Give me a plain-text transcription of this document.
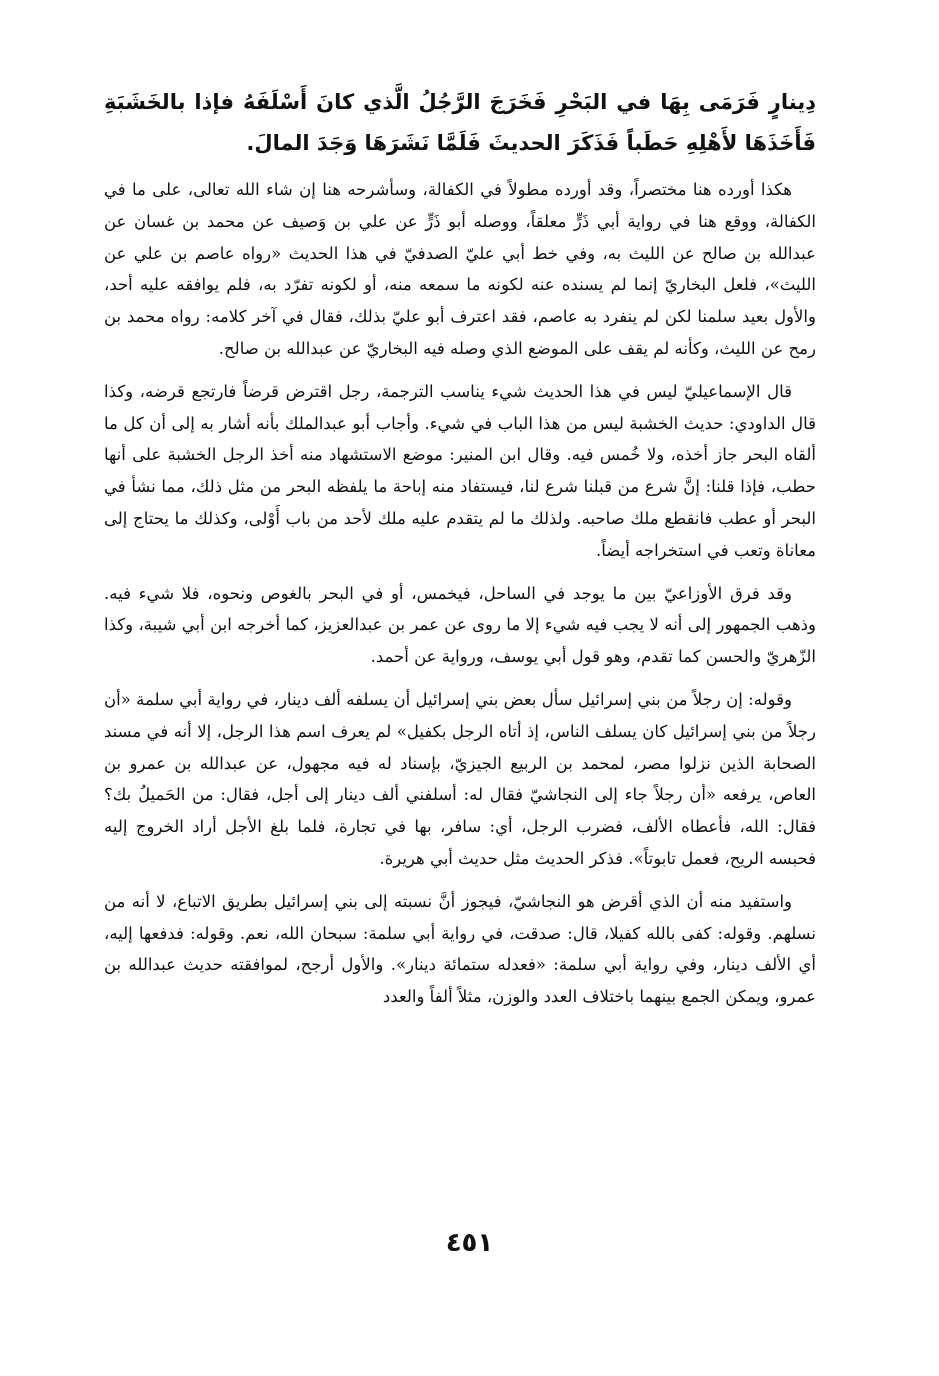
دِينارٍ فَرَمَى بِهَا في البَحْرِ فَخَرَجَ الرَّجُلُ الَّذي كانَ أَسْلَفَهُ فإذا بالخَشَبَةِ فَأَخَذَهَا لأَهْلِهِ حَطَباً فَذَكَرَ الحديثَ فَلَمَّا نَشَرَهَا وَجَدَ المالَ.

هكذا أورده هنا مختصراً، وقد أورده مطولاً في الكفالة، وسأشرحه هنا إن شاء الله تعالى، على ما في الكفالة، ووقع هنا في رواية أبي ذَرٍّ معلقاً، ووصله أبو ذَرٍّ عن علي بن وَصيف عن محمد بن غسان عن عبدالله بن صالح عن الليث به، وفي خط أبي عليّ الصدفيّ في هذا الحديث «رواه عاصم بن علي عن الليث»، فلعل البخاريّ إنما لم يسنده عنه لكونه ما سمعه منه، أو لكونه تفرّد به، فلم يوافقه عليه أحد، والأول بعيد سلمنا لكن لم ينفرد به عاصم، فقد اعترف أبو عليّ بذلك، فقال في آخر كلامه: رواه محمد بن رمح عن الليث، وكأنه لم يقف على الموضع الذي وصله فيه البخاريّ عن عبدالله بن صالح.

قال الإسماعيليّ ليس في هذا الحديث شيء يناسب الترجمة، رجل اقترض قرضاً فارتجع قرضه، وكذا قال الداودي: حديث الخشبة ليس من هذا الباب في شيء. وأجاب أبو عبدالملك بأنه أشار به إلى أن كل ما ألقاه البحر جاز أخذه، ولا خُمس فيه. وقال ابن المنير: موضع الاستشهاد منه أخذ الرجل الخشبة على أنها حطب، فإذا قلنا: إنَّ شرع من قبلنا شرع لنا، فيستفاد منه إباحة ما يلفظه البحر من مثل ذلك، مما نشأ في البحر أو عطب فانقطع ملك صاحبه. ولذلك ما لم يتقدم عليه ملك لأحد من باب أَوْلى، وكذلك ما يحتاج إلى معاناة وتعب في استخراجه أيضاً.

وقد فرق الأوزاعيّ بين ما يوجد في الساحل، فيخمس، أو في البحر بالغوص ونحوه، فلا شيء فيه. وذهب الجمهور إلى أنه لا يجب فيه شيء إلا ما روى عن عمر بن عبدالعزيز، كما أخرجه ابن أبي شيبة، وكذا الزّهريّ والحسن كما تقدم، وهو قول أبي يوسف، ورواية عن أحمد.

وقوله: إن رجلاً من بني إسرائيل سأل بعض بني إسرائيل أن يسلفه ألف دينار، في رواية أبي سلمة «أن رجلاً من بني إسرائيل كان يسلف الناس، إذ أتاه الرجل بكفيل» لم يعرف اسم هذا الرجل، إلا أنه في مسند الصحابة الذين نزلوا مصر، لمحمد بن الربيع الجيزيّ، بإسناد له فيه مجهول، عن عبدالله بن عمرو بن العاص، يرفعه «أن رجلاً جاء إلى النجاشيّ فقال له: أسلفني ألف دينار إلى أجل، فقال: من الحَميلُ بك؟ فقال: الله، فأعطاه الألف، فضرب الرجل، أي: سافر، بها في تجارة، فلما بلغ الأجل أراد الخروج إليه فحبسه الريح، فعمل تابوتاً». فذكر الحديث مثل حديث أبي هريرة.

واستفيد منه أن الذي أقرض هو النجاشيّ، فيجوز أنَّ نسبته إلى بني إسرائيل بطريق الاتباع، لا أنه من نسلهم. وقوله: كفى بالله كفيلا، قال: صدقت، في رواية أبي سلمة: سبحان الله، نعم. وقوله: فدفعها إليه، أي الألف دينار، وفي رواية أبي سلمة: «فعدله ستمائة دينار». والأول أرجح، لموافقته حديث عبدالله بن عمرو، ويمكن الجمع بينهما باختلاف العدد والوزن، مثلاً ألفاً والعدد

٤٥١
